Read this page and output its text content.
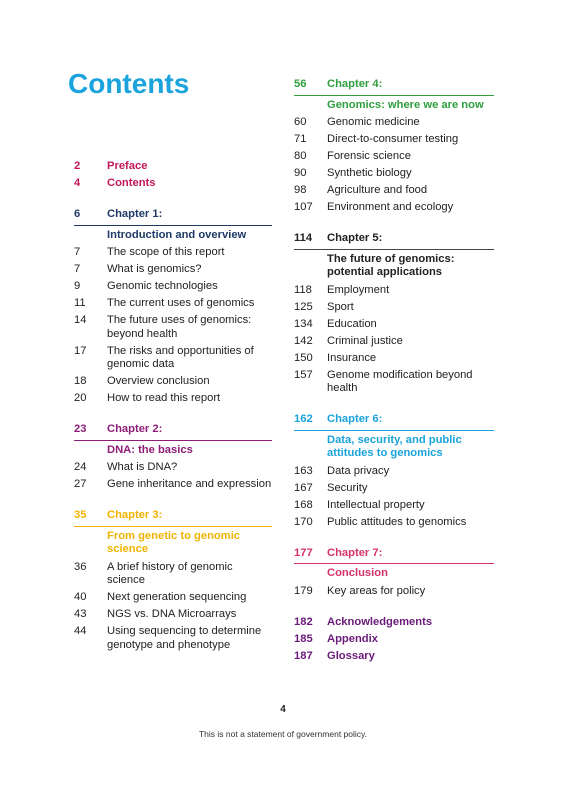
Contents
2	Preface
4	Contents
6	Chapter 1:
Introduction and overview
7	The scope of this report
7	What is genomics?
9	Genomic technologies
11	The current uses of genomics
14	The future uses of genomics: beyond health
17	The risks and opportunities of genomic data
18	Overview conclusion
20	How to read this report
23	Chapter 2:
DNA: the basics
24	What is DNA?
27	Gene inheritance and expression
35	Chapter 3:
From genetic to genomic science
36	A brief history of genomic science
40	Next generation sequencing
43	NGS vs. DNA Microarrays
44	Using sequencing to determine genotype and phenotype
56	Chapter 4:
Genomics: where we are now
60	Genomic medicine
71	Direct-to-consumer testing
80	Forensic science
90	Synthetic biology
98	Agriculture and food
107	Environment and ecology
114	Chapter 5:
The future of genomics: potential applications
118	Employment
125	Sport
134	Education
142	Criminal justice
150	Insurance
157	Genome modification beyond health
162	Chapter 6:
Data, security, and public attitudes to genomics
163	Data privacy
167	Security
168	Intellectual property
170	Public attitudes to genomics
177	Chapter 7:
Conclusion
179	Key areas for policy
182	Acknowledgements
185	Appendix
187	Glossary
4
This is not a statement of government policy.
